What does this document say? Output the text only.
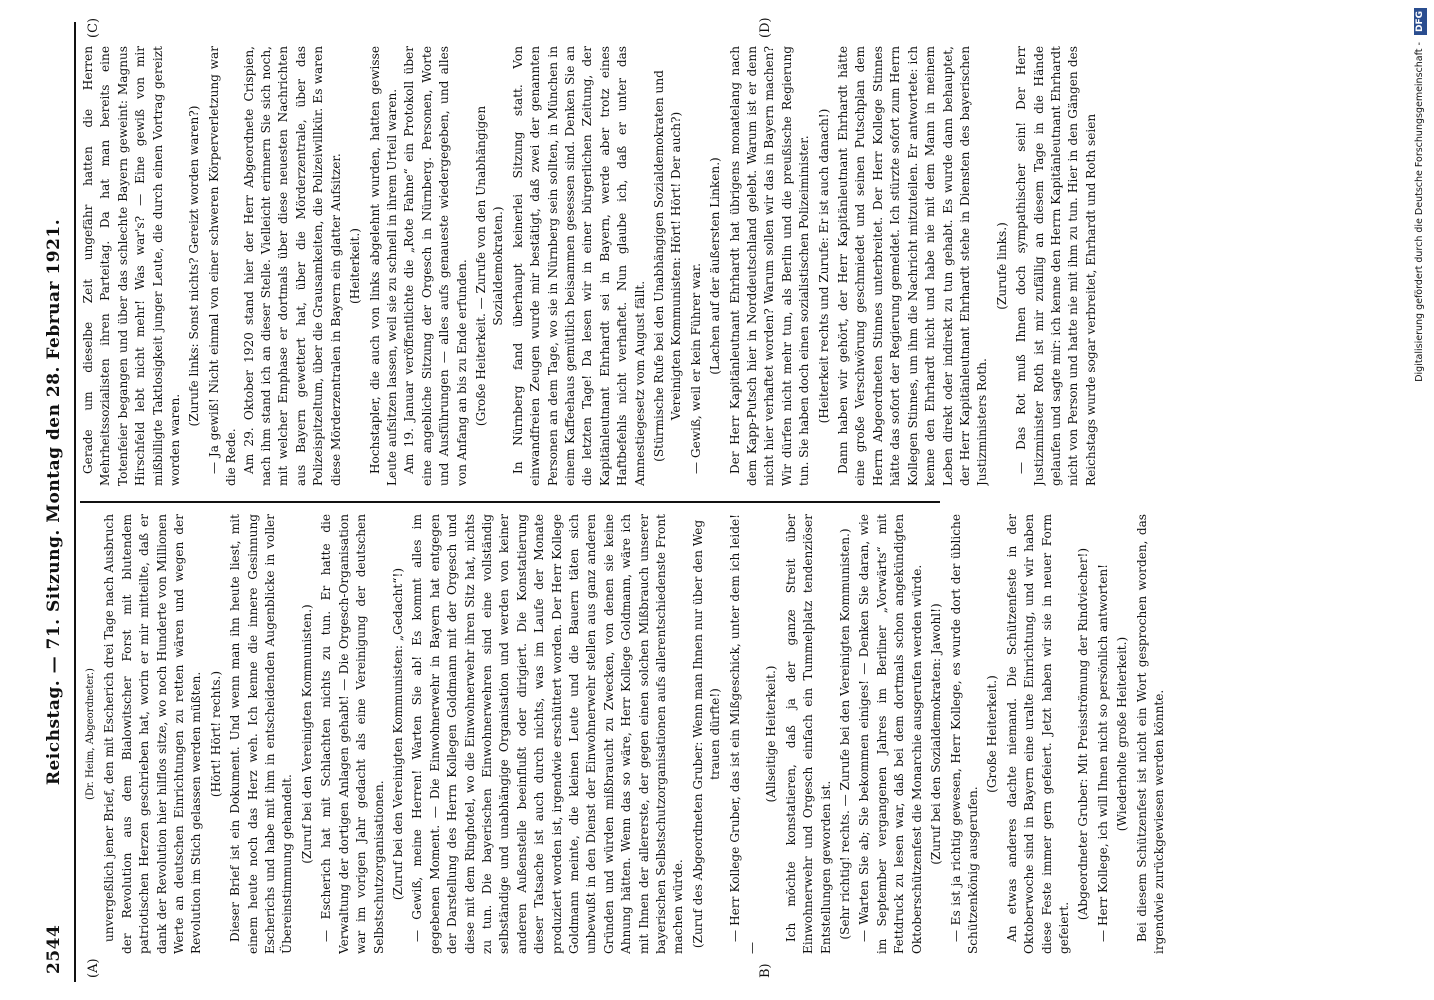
2544
Reichstag. — 71. Sitzung. Montag den 28. Februar 1921.
(A)	B)
(C)	(D)

(Dr. Heim, Abgeordneter.) unvergeßlich jener Brief, den mit Escherich drei Tage nach Ausbruch der Revolution aus dem Bialowitscher Forst mit blutendem patriotischen Herzen geschrieben hat, worin er mir mitteilte, daß er dank der Revolution hier hilflos sitze, wo noch Hunderte von Millionen Werte an deutschen Einrichtungen zu retten wären und wegen der Revolution im Stich gelassen werden müßten. (Hört! Hört! rechts.) Dieser Brief ist ein Dokument. Und wenn man ihn heute liest, mit einem heute noch das Herz weh. Ich kenne die innere Gesinnung Escherichs und habe mit ihm in entscheidenden Augenblicke in voller Übereinstimmung gehandelt.

(Zuruf bei den Vereinigten Kommunisten.) — Escherich hat mit Schlachten nichts zu tun. Er hatte die Verwaltung der dortigen Anlagen gehabt! — Die Orgesch-Organisation war im vorigen Jahr gedacht als eine Vereinigung der deutschen Selbstschutzorganisationen. (Zuruf bei den Vereinigten Kommunisten: „Gedacht“!) — Gewiß, meine Herren! Warten Sie ab! Es kommt alles im gegebenen Moment. — Die Einwohnerwehr in Bayern hat entgegen der Darstellung des Herrn Kollegen Goldmann mit der Orgesch und diese mit dem Ringhotel, wo die Einwohnerwehr ihren Sitz hat, nichts zu tun. Die bayerischen Einwohnerwehren sind eine vollständig selbständige und unabhängige Organisation und werden von keiner anderen Außenstelle beeinflußt oder dirigiert. Die Konstatierung dieser Tatsache ist auch durch nichts, was im Laufe der Monate produziert worden ist, irgendwie erschüttert worden. Der Herr Kollege Goldmann meinte, die kleinen Leute und die Bauern täten sich unbewußt in den Dienst der Einwohnerwehr stellen aus ganz anderen Gründen und würden mißbraucht zu Zwecken, von denen sie keine Ahnung hätten. Wenn das so wäre, Herr Kollege Goldmann, wäre ich mit Ihnen der allererste, der gegen einen solchen Mißbrauch unserer bayerischen Selbstschutzorganisationen aufs allerentschiedenste Front machen würde. (Zuruf des Abgeordneten Gruber: Wenn man Ihnen nur über den Weg trauen dürfte!) — Herr Kollege Gruber, das ist ein Mißgeschick, unter dem ich leide! —

(Allseitige Heiterkeit.) Ich möchte konstatieren, daß ja der ganze Streit über Einwohnerwehr und Orgesch einfach ein Tummelplatz tendenziöser Entstellungen geworden ist. (Sehr richtig! rechts. — Zurufe bei den Vereinigten Kommunisten.) — Warten Sie ab; Sie bekommen einiges! — Denken Sie daran, wie im September vergangenen Jahres im Berliner „Vorwärts“ mit Fettdruck zu lesen war, daß bei dem dortmals schon angekündigten Oktoberschützenfest die Monarchie ausgerufen werden würde. (Zuruf bei den Sozialdemokraten: Jawohl!) — Es ist ja richtig gewesen, Herr Kollege, es wurde dort der übliche Schützenkönig ausgerufen.

(Große Heiterkeit.) An etwas anderes dachte niemand. Die Schützenfeste in der Oktoberwoche sind in Bayern eine uralte Einrichtung, und wir haben diese Feste immer gern gefeiert. Jetzt haben wir sie in neuer Form gefeiert.

(Abgeordneter Gruber: Mit Preisströmung der Rindviecher!) — Herr Kollege, ich will Ihnen nicht so persönlich antworten! (Wiederholte große Heiterkeit.) Bei diesem Schützenfest ist nicht ein Wort gesprochen worden, das irgendwie zurückgewiesen werden könnte.

Gerade um dieselbe Zeit ungefähr hatten die Herren Mehrheitssozialisten ihren Parteitag. Da hat man bereits eine Totenfeier begangen und über das schlechte Bayern geweint: Magnus Hirschfeld lebt nicht mehr! Was war's? — Eine gewiß von mir mißbilligte Taktlosigkeit junger Leute, die durch einen Vortrag gereizt worden waren.

(Zurufe links: Sonst nichts? Gereizt worden waren?) — Ja gewiß! Nicht einmal von einer schweren Körperverletzung war die Rede. Am 29. Oktober 1920 stand hier der Herr Abgeordnete Crispien, nach ihm stand ich an dieser Stelle. Vielleicht erinnern Sie sich noch, mit welcher Emphase er dortmals über diese neuesten Nachrichten aus Bayern gewettert hat, über die Mörderzentrale, über das Polizeispitzeltum, über die Grausamkeiten, die Polizeiwillkür. Es waren diese Mörderzentralen in Bayern ein glatter Aufsitzer. (Heiterkeit.) Hochstapler, die auch von links abgelehnt wurden, hatten gewisse Leute aufsitzen lassen, weil sie zu schnell in ihrem Urteil waren. Am 19. Januar veröffentlichte die „Rote Fahne“ ein Protokoll über eine angebliche Sitzung der Orgesch in Nürnberg. Personen, Worte und Ausführungen — alles aufs genaueste wiedergegeben, und alles von Anfang an bis zu Ende erfunden. (Große Heiterkeit. — Zurufe von den Unabhängigen Sozialdemokraten.) In Nürnberg fand überhaupt keinerlei Sitzung statt. Von einwandfreien Zeugen wurde mir bestätigt, daß zwei der genannten Personen an dem Tage, wo sie in Nürnberg sein sollten, in München in einem Kaffeehaus gemütlich beisammen gesessen sind. Denken Sie an die letzten Tage! Da lesen wir in einer bürgerlichen Zeitung, der Kapitänleutnant Ehrhardt sei in Bayern, werde aber trotz eines Haftbefehls nicht verhaftet. Nun glaube ich, daß er unter das Amnestiegesetz vom August fällt. (Stürmische Rufe bei den Unabhängigen Sozialdemokraten und Vereinigten Kommunisten: Hört! Hört! Der auch?) — Gewiß, weil er kein Führer war. (Lachen auf der äußersten Linken.) Der Herr Kapitänleutnant Ehrhardt hat übrigens monatelang nach dem Kapp-Putsch hier in Norddeutschland gelebt. Warum ist er denn nicht hier verhaftet worden? Warum sollen wir das in Bayern machen? Wir dürfen nicht mehr tun, als Berlin und die preußische Regierung tun. Sie haben doch einen sozialistischen Polizeiminister. (Heiterkeit rechts und Zurufe: Er ist auch danach!) Dann haben wir gehört, der Herr Kapitänleutnant Ehrhardt hätte eine große Verschwörung geschmiedet und seinen Putschplan dem Herrn Abgeordneten Stinnes unterbreitet. Der Herr Kollege Stinnes hätte das sofort der Regierung gemeldet. Ich stürzte sofort zum Herrn Kollegen Stinnes, um ihm die Nachricht mitzuteilen. Er antwortete: ich kenne den Ehrhardt nicht und habe nie mit dem Mann in meinem Leben direkt oder indirekt zu tun gehabt. Es wurde dann behauptet, der Herr Kapitänleutnant Ehrhardt stehe in Diensten des bayerischen Justizministers Roth.

(Zurufe links.) — Das Rot muß Ihnen doch sympathischer sein! Der Herr Justizminister Roth ist mir zufällig an diesem Tage in die Hände gelaufen und sagte mir: ich kenne den Herrn Kapitänleutnant Ehrhardt nicht von Person und hatte nie mit ihm zu tun. Hier in den Gängen des Reichstags wurde sogar verbreitet, Ehrhardt und Roth seien	Digitalisierung gefördert durch die Deutsche Forschungsgemeinschaft - DFG
